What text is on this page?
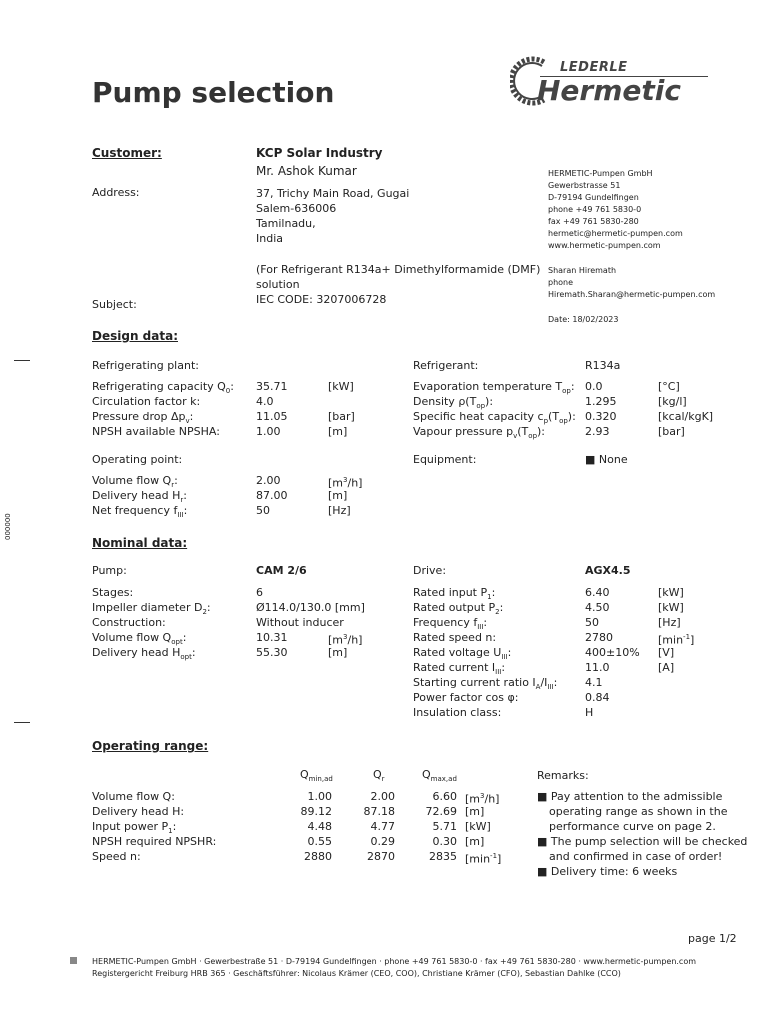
Pump selection
LEDERLE
Hermetic
Customer:	KCP Solar Industry
Mr. Ashok Kumar
Address:	37, Trichy Main Road, Gugai
Salem-636006
Tamilnadu,
India
(For Refrigerant R134a+ Dimethylformamide (DMF)
solution
IEC CODE: 3207006728
Subject:
HERMETIC-Pumpen GmbH
Gewerbstrasse 51
D-79194 Gundelfingen
phone +49 761 5830-0
fax +49 761 5830-280
hermetic@hermetic-pumpen.com
www.hermetic-pumpen.com
Sharan Hiremath
phone
Hiremath.Sharan@hermetic-pumpen.com
Date: 18/02/2023
Design data:
Refrigerating plant:	Refrigerant:	R134a
Refrigerating capacity $Q_0$: 35.71	[kW]
Circulation factor k:	4.0
Pressure drop $\Delta p_v$:	11.05	[bar]
NPSH available NPSHA:	1.00	[m]
Evaporation temperature $T_{op}$: 0.0	[°C]
Density $\rho(T_{op})$:	1.295	[kg/l]
Specific heat capacity $c_p(T_{op})$: 0.320	[kcal/kgK]
Vapour pressure $p_v(T_{op})$:	2.93	[bar]
Operating point:	Equipment:	■ None
Volume flow $Q_r$:	2.00	$[m^3/h]$
Delivery head $H_r$:	87.00	[m]
Net frequency $f_{III}$:	50	[Hz]
Nominal data:
Pump:	CAM 2/6	Drive:	AGX4.5
Stages:	6
Impeller diameter $D_2$:	Ø114.0/130.0 [mm]
Construction:	Without inducer
Volume flow $Q_{opt}$:	10.31	$[m^3/h]$
Delivery head $H_{opt}$:	55.30	[m]
Rated input $P_1$:	6.40	[kW]
Rated output $P_2$:	4.50	[kW]
Frequency $f_{III}$:	50	[Hz]
Rated speed n:	2780	$[\min^{-1}]$
Rated voltage $U_{III}$:	400±10% [V]
Rated current $I_{III}$:	11.0	[A]
Starting current ratio $I_A/I_{III}$:	4.1
Power factor cos φ:	0.84
Insulation class:	H
Operating range:
$Q_{min,ad}$	$Q_r$	$Q_{max,ad}$
Volume flow Q:	1.00	2.00	6.60 $[m^3/h]$
Delivery head H:	89.12	87.18	72.69 [m]
Input power $P_1$:	4.48	4.77	5.71 [kW]
NPSH required NPSHR:	0.55	0.29	0.30 [m]
Speed n:	2880	2870	2835 $[\min^{-1}]$
Remarks:
■ Pay attention to the admissible
operating range as shown in the
performance curve on page 2.
■ The pump selection will be checked
and confirmed in case of order!
■ Delivery time: 6 weeks
000000
page 1/2
HERMETIC-Pumpen GmbH · Gewerbestraße 51 · D-79194 Gundelfingen · phone +49 761 5830-0 · fax +49 761 5830-280 · www.hermetic-pumpen.com
Registergericht Freiburg HRB 365 · Geschäftsführer: Nicolaus Krämer (CEO, COO), Christiane Krämer (CFO), Sebastian Dahlke (CCO)
